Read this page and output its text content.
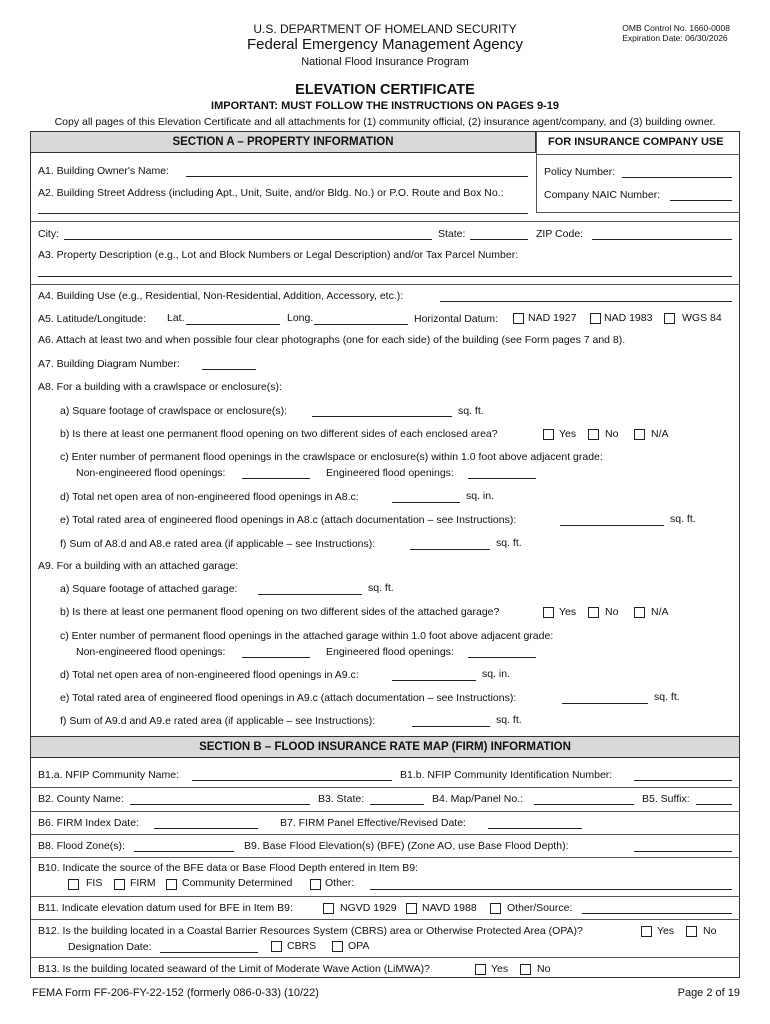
U.S. DEPARTMENT OF HOMELAND SECURITY
Federal Emergency Management Agency
National Flood Insurance Program
OMB Control No. 1660-0008
Expiration Date: 06/30/2026
ELEVATION CERTIFICATE
IMPORTANT: MUST FOLLOW THE INSTRUCTIONS ON PAGES 9-19
Copy all pages of this Elevation Certificate and all attachments for (1) community official, (2) insurance agent/company, and (3) building owner.
SECTION A – PROPERTY INFORMATION	FOR INSURANCE COMPANY USE
Policy Number:
Company NAIC Number:
A1. Building Owner's Name:
A2. Building Street Address (including Apt., Unit, Suite, and/or Bldg. No.) or P.O. Route and Box No.:
City:	State:	ZIP Code:
A3. Property Description (e.g., Lot and Block Numbers or Legal Description) and/or Tax Parcel Number:
A4. Building Use (e.g., Residential, Non-Residential, Addition, Accessory, etc.):
A5. Latitude/Longitude: Lat.	Long.	Horizontal Datum:	NAD 1927	NAD 1983	WGS 84
A6. Attach at least two and when possible four clear photographs (one for each side) of the building (see Form pages 7 and 8).
A7. Building Diagram Number:
A8. For a building with a crawlspace or enclosure(s):
a) Square footage of crawlspace or enclosure(s):	sq. ft.
b) Is there at least one permanent flood opening on two different sides of each enclosed area?	Yes	No	N/A
c) Enter number of permanent flood openings in the crawlspace or enclosure(s) within 1.0 foot above adjacent grade:
Non-engineered flood openings:	Engineered flood openings:
d) Total net open area of non-engineered flood openings in A8.c:	sq. in.
e) Total rated area of engineered flood openings in A8.c (attach documentation – see Instructions):	sq. ft.
f) Sum of A8.d and A8.e rated area (if applicable – see Instructions):	sq. ft.
A9. For a building with an attached garage:
a) Square footage of attached garage:	sq. ft.
b) Is there at least one permanent flood opening on two different sides of the attached garage?	Yes	No	N/A
c) Enter number of permanent flood openings in the attached garage within 1.0 foot above adjacent grade:
Non-engineered flood openings:	Engineered flood openings:
d) Total net open area of non-engineered flood openings in A9.c:	sq. in.
e) Total rated area of engineered flood openings in A9.c (attach documentation – see Instructions):	sq. ft.
f) Sum of A9.d and A9.e rated area (if applicable – see Instructions):	sq. ft.
SECTION B – FLOOD INSURANCE RATE MAP (FIRM) INFORMATION
B1.a. NFIP Community Name:	B1.b. NFIP Community Identification Number:
B2. County Name:	B3. State:	B4. Map/Panel No.:	B5. Suffix:
B6. FIRM Index Date:	B7. FIRM Panel Effective/Revised Date:
B8. Flood Zone(s):	B9. Base Flood Elevation(s) (BFE) (Zone AO, use Base Flood Depth):
B10. Indicate the source of the BFE data or Base Flood Depth entered in Item B9:
FIS	FIRM	Community Determined	Other:
B11. Indicate elevation datum used for BFE in Item B9:	NGVD 1929 NAVD 1988	Other/Source:
B12. Is the building located in a Coastal Barrier Resources System (CBRS) area or Otherwise Protected Area (OPA)?	Yes	No
Designation Date:	CBRS	OPA
B13. Is the building located seaward of the Limit of Moderate Wave Action (LiMWA)?	Yes	No
FEMA Form FF-206-FY-22-152 (formerly 086-0-33) (10/22)	Page 2 of 19
